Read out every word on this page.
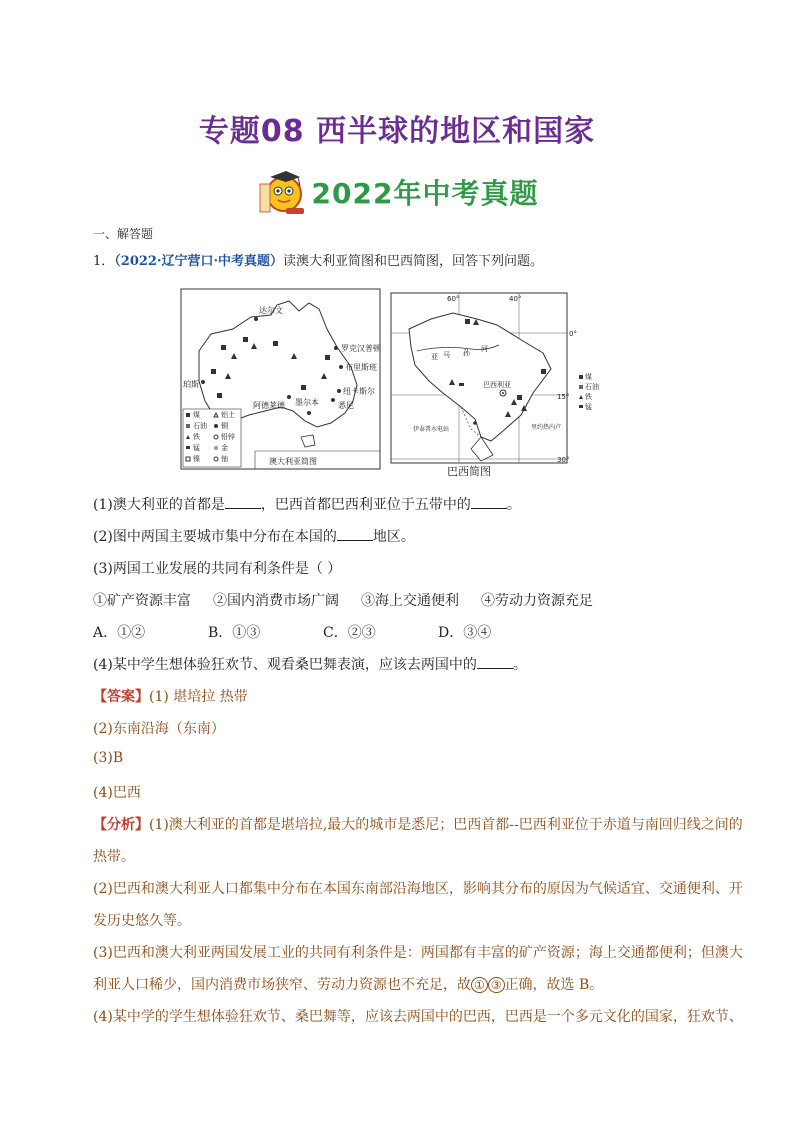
专题08 西半球的地区和国家
2022年中考真题
一、解答题
1．（2022·辽宁营口·中考真题）读澳大利亚简图和巴西简图，回答下列问题。
达尔文
罗克汉普顿
布里斯班
纽卡斯尔
悉尼
墨尔本
阿德莱德
珀斯
煤	铝土
石油 铜
铁	铅锌
锰	金
镍	铀	澳大利亚简图
60°	40°
0°
15°
30°
亚 马 孙 河
巴西利亚
伊泰普水电站	里约热内卢
煤
石油
铁
锰
巴西简图
(1)澳大利亚的首都是	，巴西首都巴西利亚位于五带中的	。
(2)图中两国主要城市集中分布在本国的	地区。
(3)两国工业发展的共同有利条件是（ ）
①矿产资源丰富 ②国内消费市场广阔 ③海上交通便利 ④劳动力资源充足
A．①②	B．①③	C．②③	D．③④
(4)某中学生想体验狂欢节、观看桑巴舞表演，应该去两国中的	。
【答案】(1) 堪培拉 热带
(2)东南沿海（东南）
(3)B
(4)巴西
【分析】(1)澳大利亚的首都是堪培拉,最大的城市是悉尼；巴西首都--巴西利亚位于赤道与南回归线之间的
热带。
(2)巴西和澳大利亚人口都集中分布在本国东南部沿海地区，影响其分布的原因为气候适宜、交通便利、开
发历史悠久等。
(3)巴西和澳大利亚两国发展工业的共同有利条件是：两国都有丰富的矿产资源；海上交通都便利；但澳大
利亚人口稀少，国内消费市场狭窄、劳动力资源也不充足，故 ① ③ 正确，故选 B。
(4)某中学的学生想体验狂欢节、桑巴舞等，应该去两国中的巴西，巴西是一个多元文化的国家，狂欢节、
